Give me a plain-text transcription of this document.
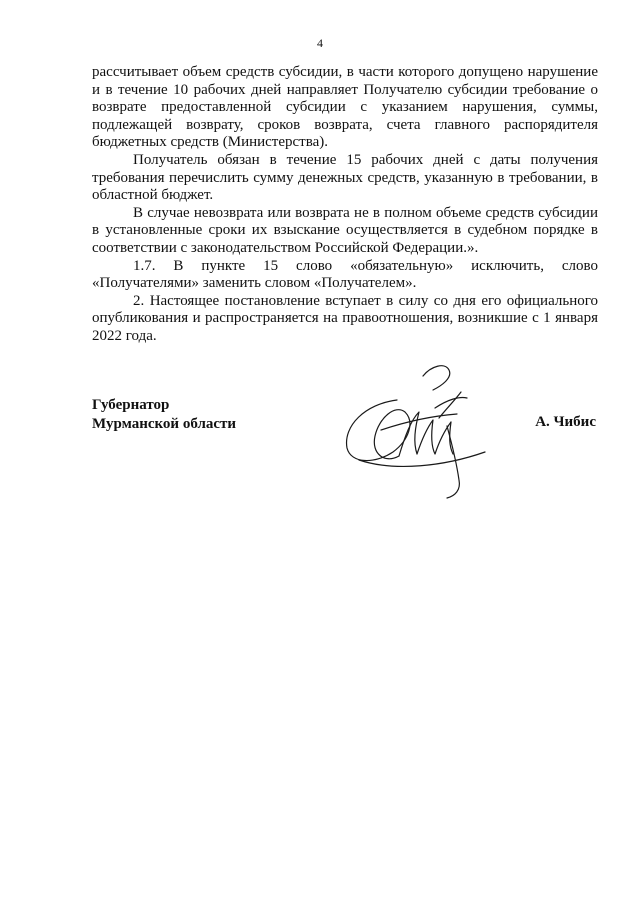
4

рассчитывает объем средств субсидии, в части которого допущено нарушение и в течение 10 рабочих дней направляет Получателю субсидии требование о возврате предоставленной субсидии с указанием нарушения, суммы, подлежащей возврату, сроков возврата, счета главного распорядителя бюджетных средств (Министерства).

Получатель обязан в течение 15 рабочих дней с даты получения требования перечислить сумму денежных средств, указанную в требовании, в областной бюджет.

В случае невозврата или возврата не в полном объеме средств субсидии в установленные сроки их взыскание осуществляется в судебном порядке в соответствии с законодательством Российской Федерации.».

1.7. В пункте 15 слово «обязательную» исключить, слово «Получателями» заменить словом «Получателем».

2. Настоящее постановление вступает в силу со дня его официального опубликования и распространяется на правоотношения, возникшие с 1 января 2022 года.

Губернатор
Мурманской области	А. Чибис
